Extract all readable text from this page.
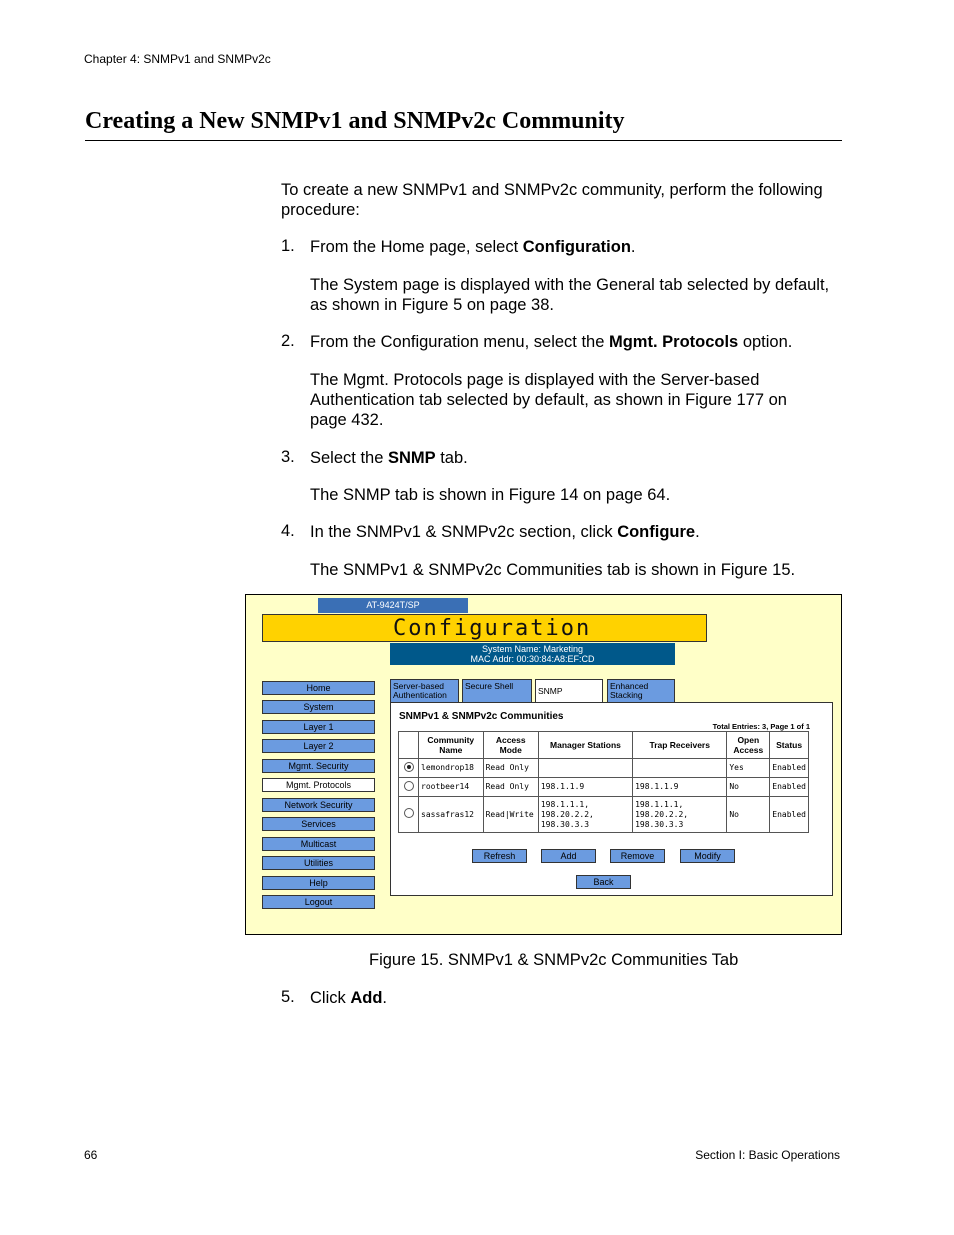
Chapter 4: SNMPv1 and SNMPv2c
Creating a New SNMPv1 and SNMPv2c Community

To create a new SNMPv1 and SNMPv2c community, perform the following procedure:

1. From the Home page, select Configuration.

The System page is displayed with the General tab selected by default, as shown in Figure 5 on page 38.

2. From the Configuration menu, select the Mgmt. Protocols option.

The Mgmt. Protocols page is displayed with the Server-based Authentication tab selected by default, as shown in Figure 177 on page 432.

3. Select the SNMP tab.

The SNMP tab is shown in Figure 14 on page 64.

4. In the SNMPv1 & SNMPv2c section, click Configure.

The SNMPv1 & SNMPv2c Communities tab is shown in Figure 15.

AT-9424T/SP
Configuration
System Name: Marketing
MAC Addr: 00:30:84:A8:EF:CD
Home
System
Layer 1
Layer 2
Mgmt. Security
Mgmt. Protocols
Network Security
Services
Multicast
Utilities
Help
Logout
Server-based
Authentication
Secure Shell	SNMP	Enhanced
Stacking
SNMPv1 & SNMPv2c Communities
Total Entries: 3, Page 1 of 1
	Community Name	Access Mode	Manager Stations	Trap Receivers	Open Access	Status
	lemondrop18	Read Only			Yes	Enabled
	rootbeer14	Read Only	198.1.1.9	198.1.1.9	No	Enabled
	sassafras12	Read|Write	198.1.1.1, 198.20.2.2, 198.30.3.3	198.1.1.1, 198.20.2.2, 198.30.3.3	No	Enabled
Refresh	Add	Remove	Modify
Back
Figure 15. SNMPv1 & SNMPv2c Communities Tab
5. Click Add.
66	Section I: Basic Operations
